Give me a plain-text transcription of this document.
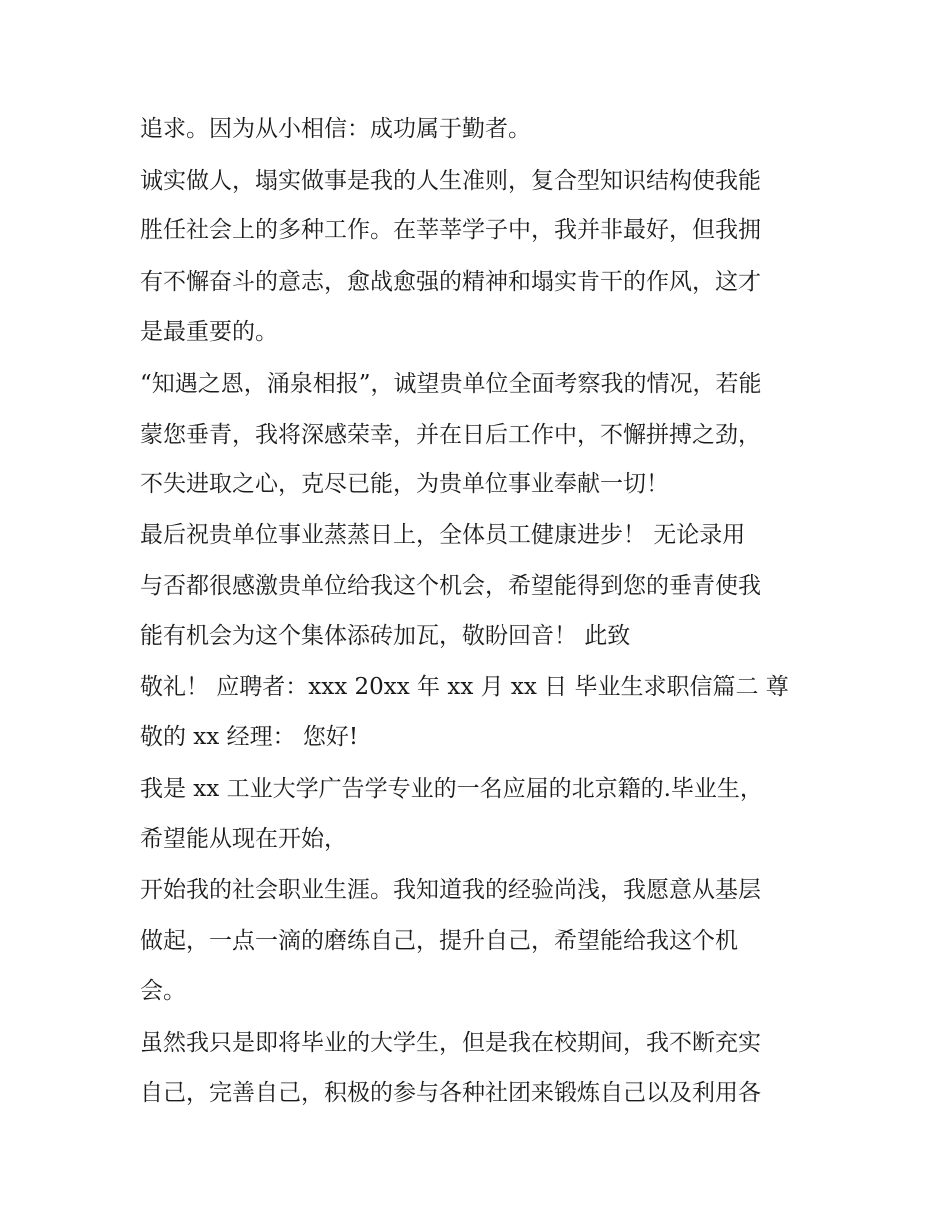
追求。因为从小相信：成功属于勤者。

诚实做人，塌实做事是我的人生准则，复合型知识结构使我能

胜任社会上的多种工作。在莘莘学子中，我并非最好，但我拥

有不懈奋斗的意志，愈战愈强的精神和塌实肯干的作风，这才

是最重要的。

“知遇之恩，涌泉相报”，诚望贵单位全面考察我的情况，若能

蒙您垂青，我将深感荣幸，并在日后工作中，不懈拼搏之劲，

不失进取之心，克尽已能，为贵单位事业奉献一切！

最后祝贵单位事业蒸蒸日上，全体员工健康进步！ 无论录用

与否都很感激贵单位给我这个机会，希望能得到您的垂青使我

能有机会为这个集体添砖加瓦，敬盼回音！ 此致

敬礼！ 应聘者：xxx 20xx 年 xx 月 xx 日 毕业生求职信篇二 尊

敬的 xx 经理： 您好!

我是 xx 工业大学广告学专业的一名应届的北京籍的.毕业生，

希望能从现在开始，

开始我的社会职业生涯。我知道我的经验尚浅，我愿意从基层

做起，一点一滴的磨练自己，提升自己，希望能给我这个机

会。

虽然我只是即将毕业的大学生，但是我在校期间，我不断充实

自己，完善自己，积极的参与各种社团来锻炼自己以及利用各
